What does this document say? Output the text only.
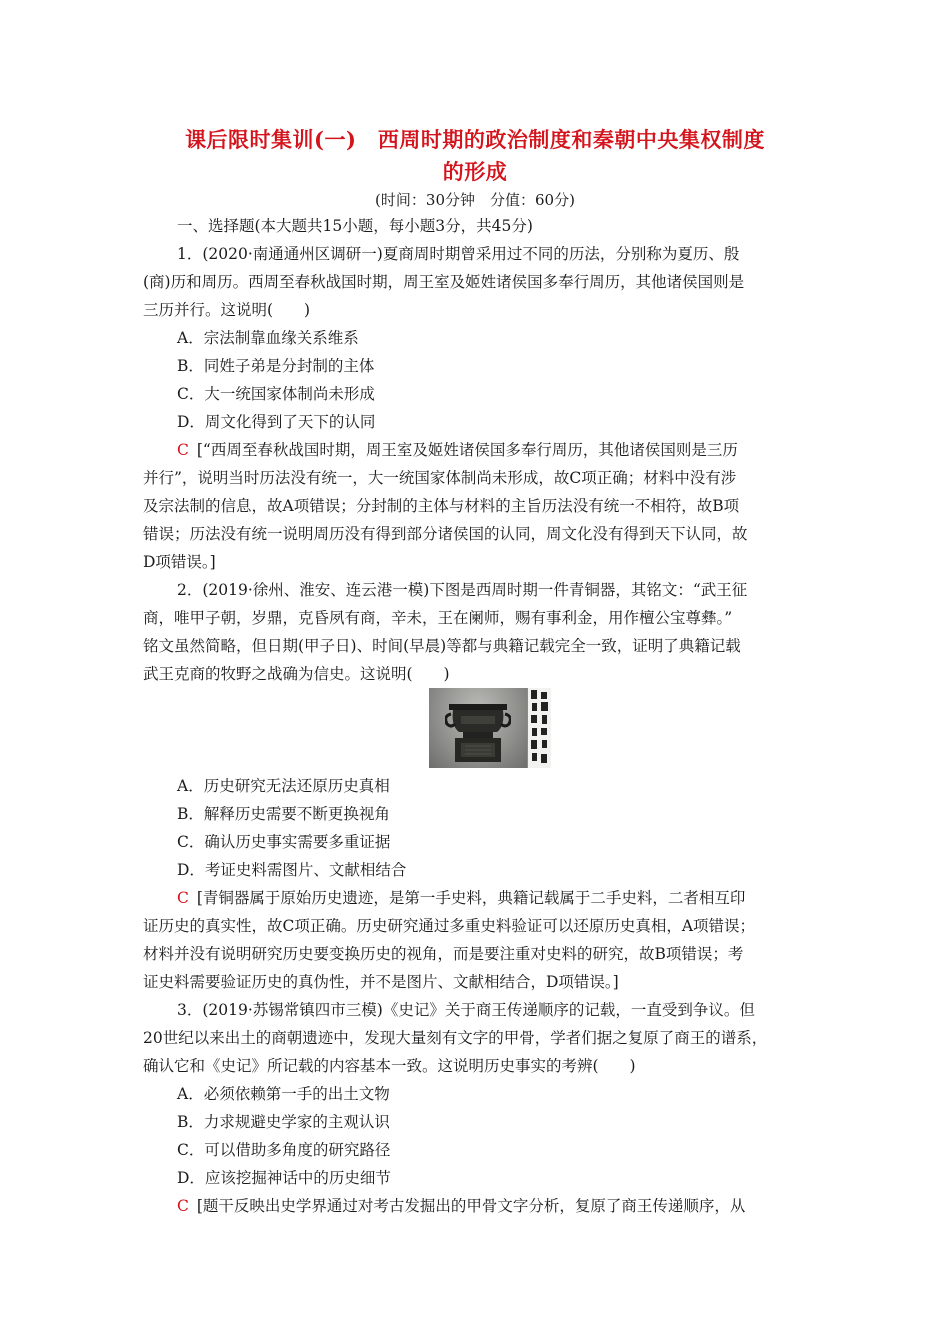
课后限时集训(一)　西周时期的政治制度和秦朝中央集权制度
的形成
(时间：30分钟　分值：60分)
一、选择题(本大题共15小题，每小题3分，共45分)
1．(2020·南通通州区调研一)夏商周时期曾采用过不同的历法，分别称为夏历、殷
(商)历和周历。西周至春秋战国时期，周王室及姬姓诸侯国多奉行周历，其他诸侯国则是
三历并行。这说明(　　)
A．宗法制靠血缘关系维系
B．同姓子弟是分封制的主体
C．大一统国家体制尚未形成
D．周文化得到了天下的认同
C [“西周至春秋战国时期，周王室及姬姓诸侯国多奉行周历，其他诸侯国则是三历
并行”，说明当时历法没有统一，大一统国家体制尚未形成，故C项正确；材料中没有涉
及宗法制的信息，故A项错误；分封制的主体与材料的主旨历法没有统一不相符，故B项
错误；历法没有统一说明周历没有得到部分诸侯国的认同，周文化没有得到天下认同，故
D项错误。]
2．(2019·徐州、淮安、连云港一模)下图是西周时期一件青铜器，其铭文：“武王征
商，唯甲子朝，岁鼎，克昏夙有商，辛未，王在阑师，赐有事利金，用作檀公宝尊彝。”
铭文虽然简略，但日期(甲子日)、时间(早晨)等都与典籍记载完全一致，证明了典籍记载
武王克商的牧野之战确为信史。这说明(　　)
A．历史研究无法还原历史真相
B．解释历史需要不断更换视角
C．确认历史事实需要多重证据
D．考证史料需图片、文献相结合
C [青铜器属于原始历史遗迹，是第一手史料，典籍记载属于二手史料，二者相互印
证历史的真实性，故C项正确。历史研究通过多重史料验证可以还原历史真相，A项错误；
材料并没有说明研究历史要变换历史的视角，而是要注重对史料的研究，故B项错误；考
证史料需要验证历史的真伪性，并不是图片、文献相结合，D项错误。]
3．(2019·苏锡常镇四市三模)《史记》关于商王传递顺序的记载，一直受到争议。但
20世纪以来出土的商朝遗迹中，发现大量刻有文字的甲骨，学者们据之复原了商王的谱系，
确认它和《史记》所记载的内容基本一致。这说明历史事实的考辨(　　)
A．必须依赖第一手的出土文物
B．力求规避史学家的主观认识
C．可以借助多角度的研究路径
D．应该挖掘神话中的历史细节
C [题干反映出史学界通过对考古发掘出的甲骨文字分析，复原了商王传递顺序，从
